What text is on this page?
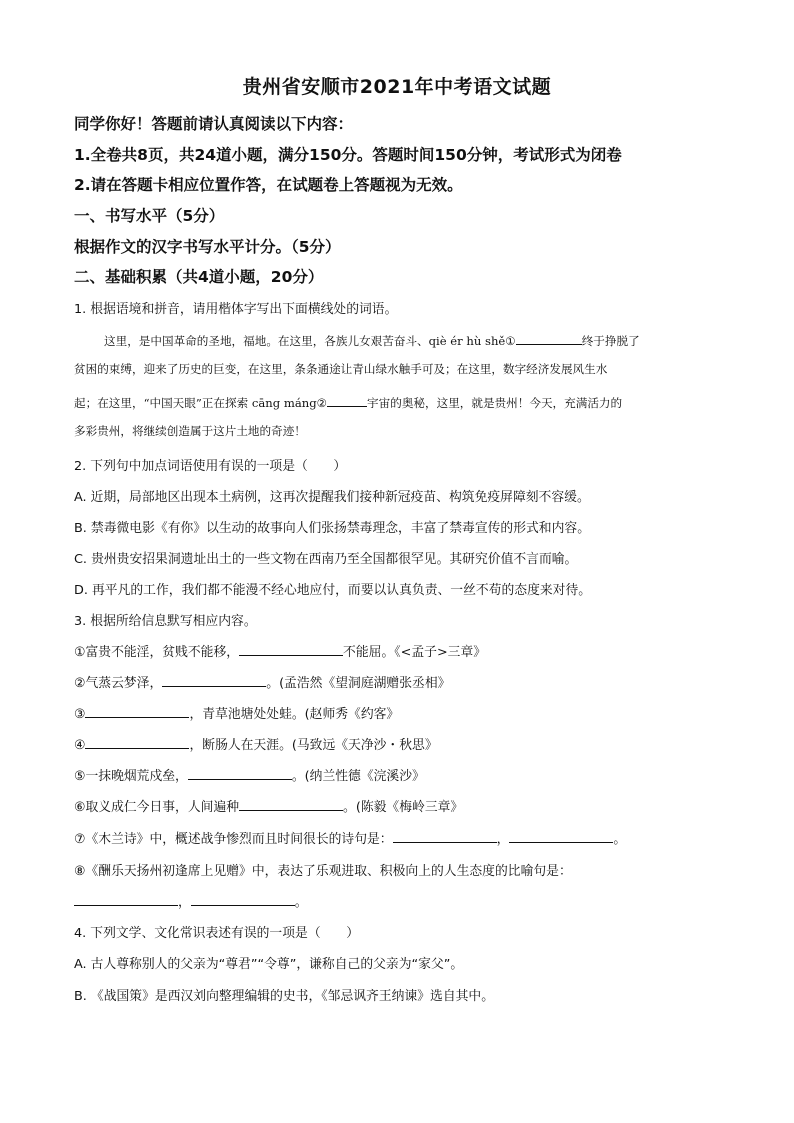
贵州省安顺市2021年中考语文试题
同学你好！答题前请认真阅读以下内容：
1.全卷共8页，共24道小题，满分150分。答题时间150分钟，考试形式为闭卷
2.请在答题卡相应位置作答，在试题卷上答题视为无效。
一、书写水平（5分）
根据作文的汉字书写水平计分。（5分）
二、基础积累（共4道小题，20分）
1. 根据语境和拼音，请用楷体字写出下面横线处的词语。
这里，是中国革命的圣地，福地。在这里，各族儿女艰苦奋斗、qiè ér hù shě①	终于挣脱了
贫困的束缚，迎来了历史的巨变，在这里，条条通途让青山绿水触手可及；在这里，数字经济发展风生水
起；在这里，“中国天眼”正在探索 cāng máng②	宇宙的奥秘，这里，就是贵州！今天，充满活力的
多彩贵州，将继续创造属于这片土地的奇迹！
2. 下列句中加点词语使用有误的一项是（　　）
A. 近期，局部地区出现本土病例，这再次提醒我们接种新冠疫苗、构筑免疫屏障刻不容缓。
B. 禁毒微电影《有你》以生动的故事向人们张扬禁毒理念，丰富了禁毒宣传的形式和内容。
C. 贵州贵安招果洞遗址出土的一些文物在西南乃至全国都很罕见。其研究价值不言而喻。
D. 再平凡的工作，我们都不能漫不经心地应付，而要以认真负责、一丝不苟的态度来对待。
3. 根据所给信息默写相应内容。
①富贵不能淫，贫贱不能移，	不能屈。《<孟子>三章》
②气蒸云梦泽，	。(孟浩然《望洞庭湖赠张丞相》
③	，青草池塘处处蛙。(赵师秀《约客》
④	，断肠人在天涯。(马致远《天净沙・秋思》
⑤一抹晚烟荒戍垒，	。(纳兰性德《浣溪沙》
⑥取义成仁今日事，人间遍种	。(陈毅《梅岭三章》
⑦《木兰诗》中，概述战争惨烈而且时间很长的诗句是：	，	。
⑧《酬乐天扬州初逢席上见赠》中，表达了乐观进取、积极向上的人生态度的比喻句是：
，	。
4. 下列文学、文化常识表述有误的一项是（　　）
A. 古人尊称别人的父亲为“尊君”“令尊”，谦称自己的父亲为“家父”。
B. 《战国策》是西汉刘向整理编辑的史书，《邹忌讽齐王纳谏》选自其中。
